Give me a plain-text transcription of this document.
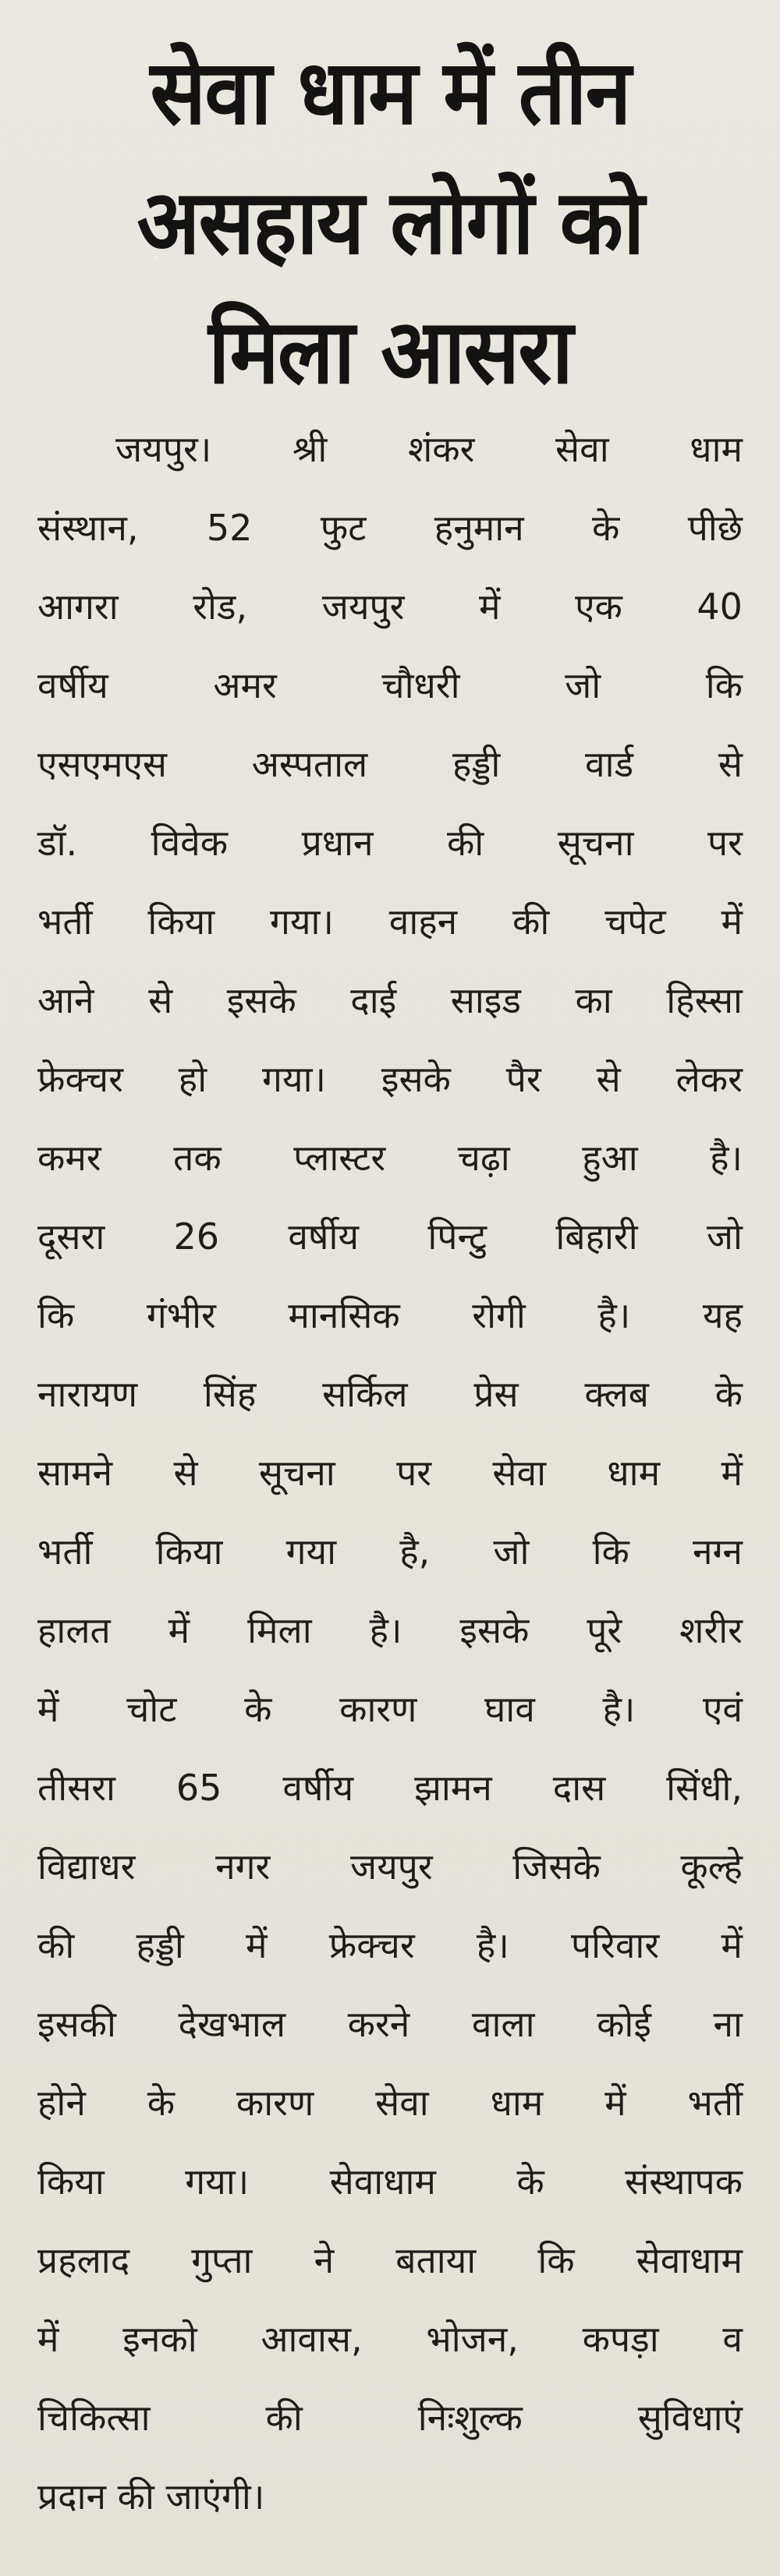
सेवा धाम में तीन
असहाय लोगों को
मिला आसरा
जयपुर। श्री शंकर सेवा धाम
संस्थान, 52 फुट हनुमान के पीछे
आगरा रोड, जयपुर में एक 40
वर्षीय	अमर	चौधरी	जो	कि
एसएमएस अस्पताल हड्डी वार्ड से
डॉ. विवेक प्रधान की सूचना पर
भर्ती किया गया। वाहन की चपेट में
आने से इसके दाई साइड का हिस्सा
फ्रेक्चर हो गया। इसके पैर से लेकर
कमर तक प्लास्टर चढ़ा हुआ है।
दूसरा 26 वर्षीय पिन्टु बिहारी जो
कि गंभीर मानसिक रोगी है। यह
नारायण सिंह सर्किल प्रेस क्लब के
सामने से सूचना पर सेवा धाम में
भर्ती किया गया है, जो कि नग्न
हालत में मिला है। इसके पूरे शरीर
में चोट के कारण घाव है। एवं
तीसरा 65 वर्षीय झामन दास सिंधी,
विद्याधर नगर जयपुर जिसके कूल्हे
की हड्डी में फ्रेक्चर है। परिवार में
इसकी देखभाल करने वाला कोई ना
होने के कारण सेवा धाम में भर्ती
किया गया। सेवाधाम के संस्थापक
प्रहलाद गुप्ता ने बताया कि सेवाधाम
में इनको आवास, भोजन, कपड़ा व
चिकित्सा	की	निःशुल्क	सुविधाएं
प्रदान की जाएंगी।
